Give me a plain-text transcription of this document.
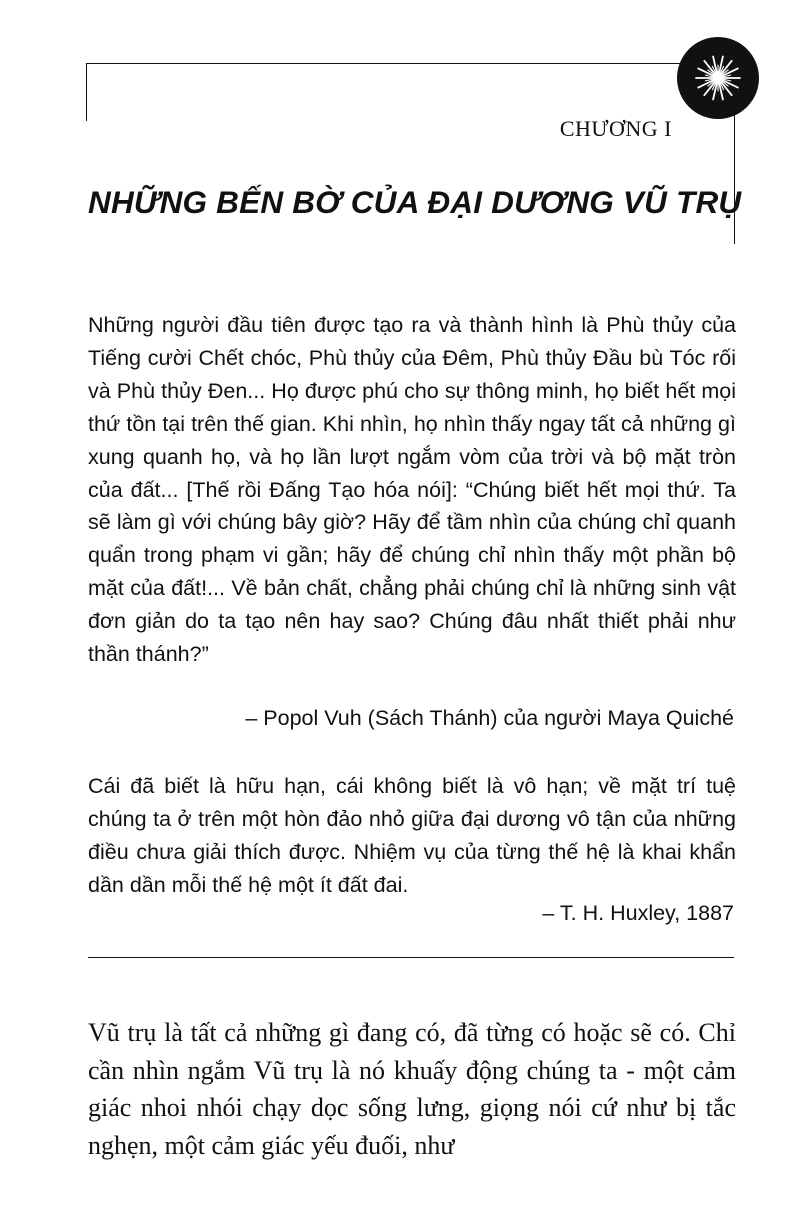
CHƯƠNG I
NHỮNG BẾN BỜ CỦA ĐẠI DƯƠNG VŨ TRỤ
Những người đầu tiên được tạo ra và thành hình là Phù thủy của Tiếng cười Chết chóc, Phù thủy của Đêm, Phù thủy Đầu bù Tóc rối và Phù thủy Đen... Họ được phú cho sự thông minh, họ biết hết mọi thứ tồn tại trên thế gian. Khi nhìn, họ nhìn thấy ngay tất cả những gì xung quanh họ, và họ lần lượt ngắm vòm của trời và bộ mặt tròn của đất... [Thế rồi Đấng Tạo hóa nói]: “Chúng biết hết mọi thứ. Ta sẽ làm gì với chúng bây giờ? Hãy để tầm nhìn của chúng chỉ quanh quẩn trong phạm vi gần; hãy để chúng chỉ nhìn thấy một phần bộ mặt của đất!... Về bản chất, chẳng phải chúng chỉ là những sinh vật đơn giản do ta tạo nên hay sao? Chúng đâu nhất thiết phải như thần thánh?”
– Popol Vuh (Sách Thánh) của người Maya Quiché
Cái đã biết là hữu hạn, cái không biết là vô hạn; về mặt trí tuệ chúng ta ở trên một hòn đảo nhỏ giữa đại dương vô tận của những điều chưa giải thích được. Nhiệm vụ của từng thế hệ là khai khẩn dần dần mỗi thế hệ một ít đất đai.
– T. H. Huxley, 1887
Vũ trụ là tất cả những gì đang có, đã từng có hoặc sẽ có. Chỉ cần nhìn ngắm Vũ trụ là nó khuấy động chúng ta - một cảm giác nhoi nhói chạy dọc sống lưng, giọng nói cứ như bị tắc nghẹn, một cảm giác yếu đuối, như
